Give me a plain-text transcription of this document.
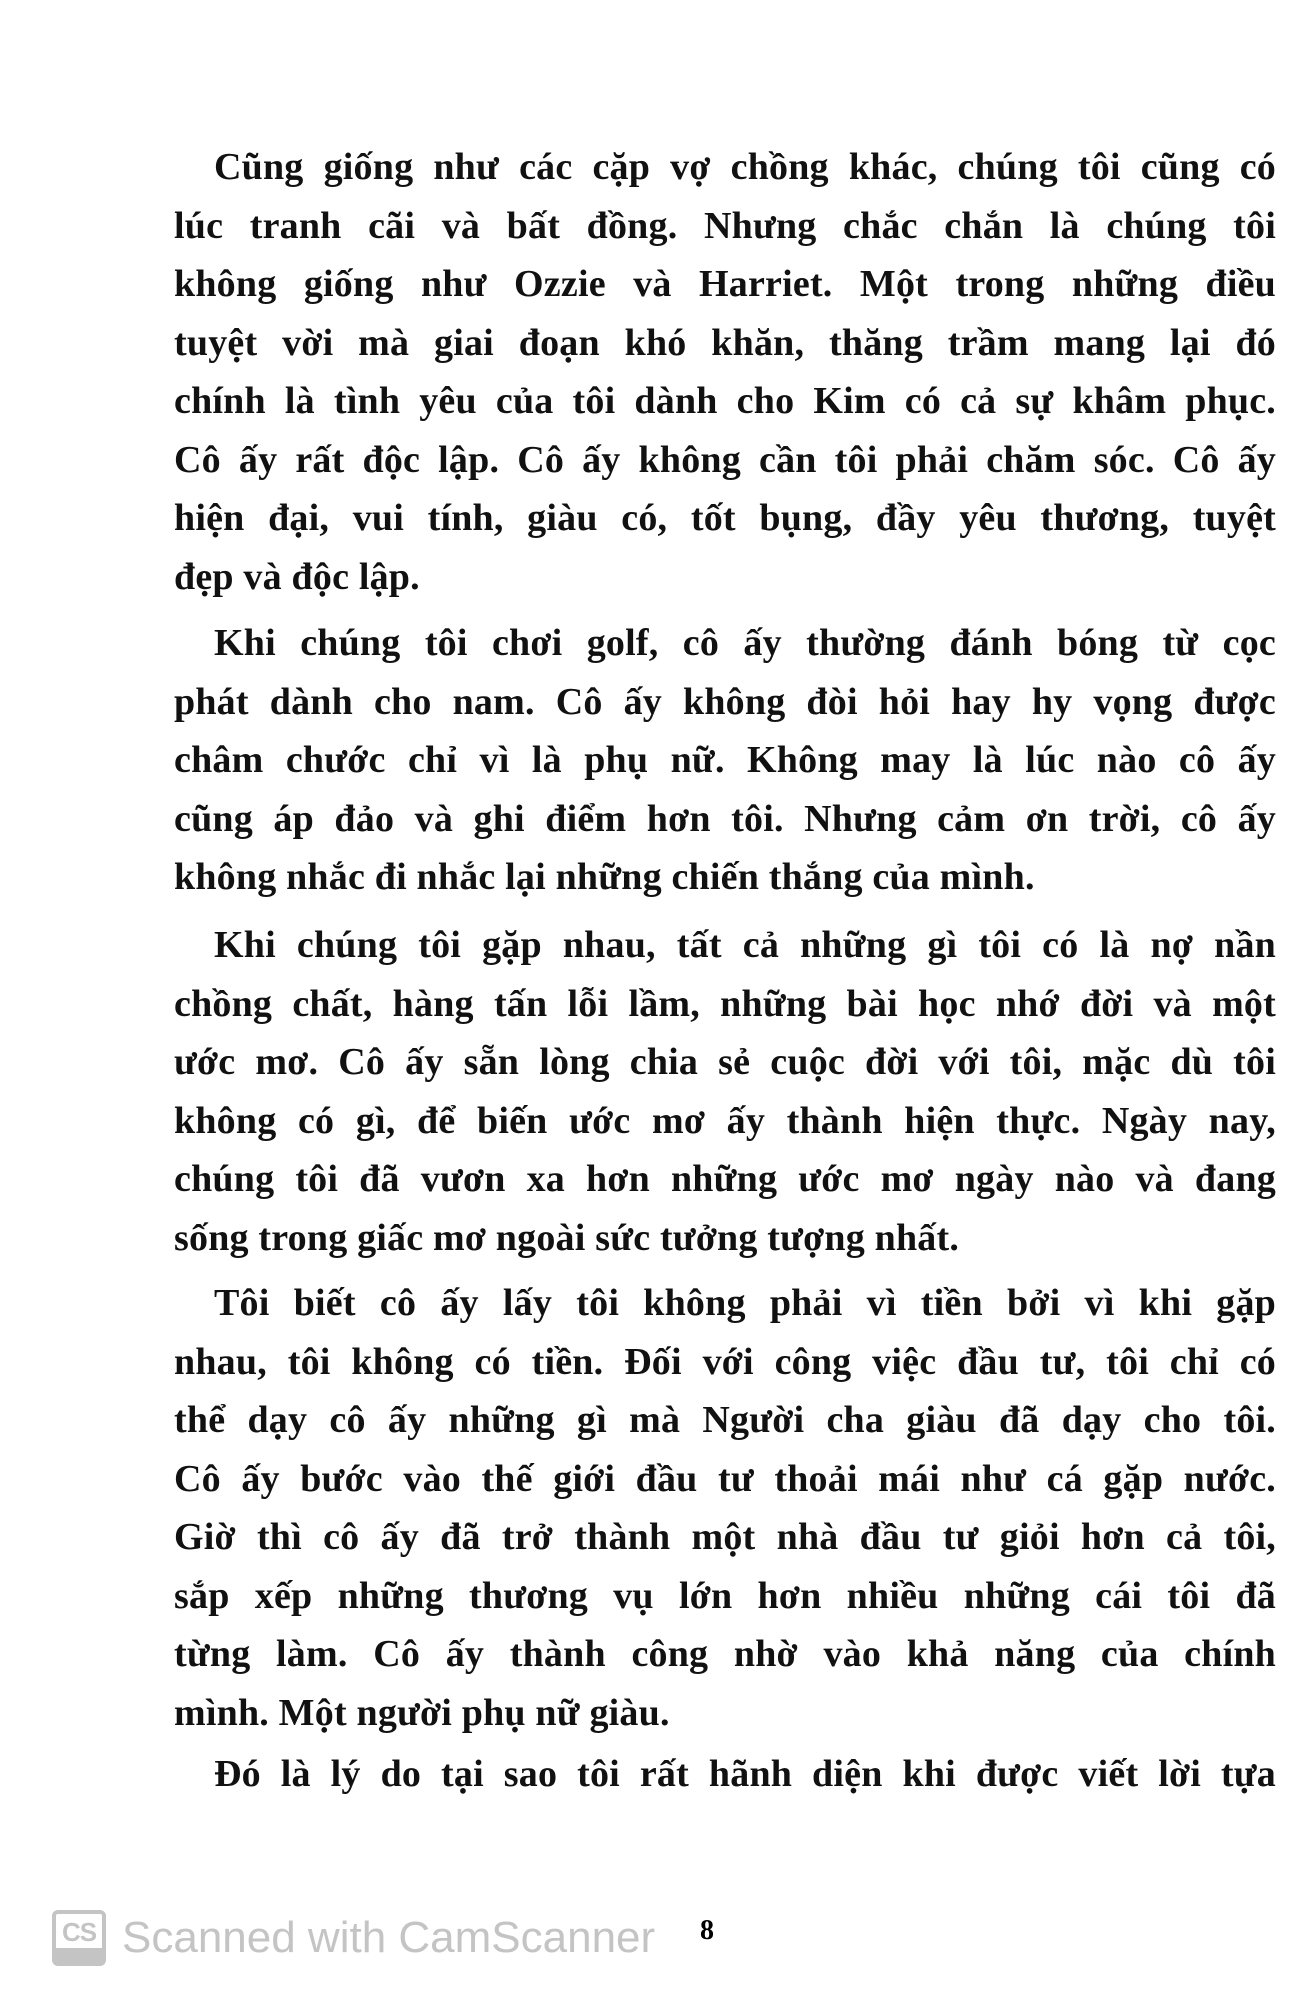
Cũng giống như các cặp vợ chồng khác, chúng tôi cũng có
lúc tranh cãi và bất đồng. Nhưng chắc chắn là chúng tôi
không giống như Ozzie và Harriet. Một trong những điều
tuyệt vời mà giai đoạn khó khăn, thăng trầm mang lại đó
chính là tình yêu của tôi dành cho Kim có cả sự khâm phục.
Cô ấy rất độc lập. Cô ấy không cần tôi phải chăm sóc. Cô ấy
hiện đại, vui tính, giàu có, tốt bụng, đầy yêu thương, tuyệt
đẹp và độc lập.
Khi chúng tôi chơi golf, cô ấy thường đánh bóng từ cọc
phát dành cho nam. Cô ấy không đòi hỏi hay hy vọng được
châm chước chỉ vì là phụ nữ. Không may là lúc nào cô ấy
cũng áp đảo và ghi điểm hơn tôi. Nhưng cảm ơn trời, cô ấy
không nhắc đi nhắc lại những chiến thắng của mình.
Khi chúng tôi gặp nhau, tất cả những gì tôi có là nợ nần
chồng chất, hàng tấn lỗi lầm, những bài học nhớ đời và một
ước mơ. Cô ấy sẵn lòng chia sẻ cuộc đời với tôi, mặc dù tôi
không có gì, để biến ước mơ ấy thành hiện thực. Ngày nay,
chúng tôi đã vươn xa hơn những ước mơ ngày nào và đang
sống trong giấc mơ ngoài sức tưởng tượng nhất.
Tôi biết cô ấy lấy tôi không phải vì tiền bởi vì khi gặp
nhau, tôi không có tiền. Đối với công việc đầu tư, tôi chỉ có
thể dạy cô ấy những gì mà Người cha giàu đã dạy cho tôi.
Cô ấy bước vào thế giới đầu tư thoải mái như cá gặp nước.
Giờ thì cô ấy đã trở thành một nhà đầu tư giỏi hơn cả tôi,
sắp xếp những thương vụ lớn hơn nhiều những cái tôi đã
từng làm. Cô ấy thành công nhờ vào khả năng của chính
mình. Một người phụ nữ giàu.
Đó là lý do tại sao tôi rất hãnh diện khi được viết lời tựa
CS Scanned with CamScanner 8
